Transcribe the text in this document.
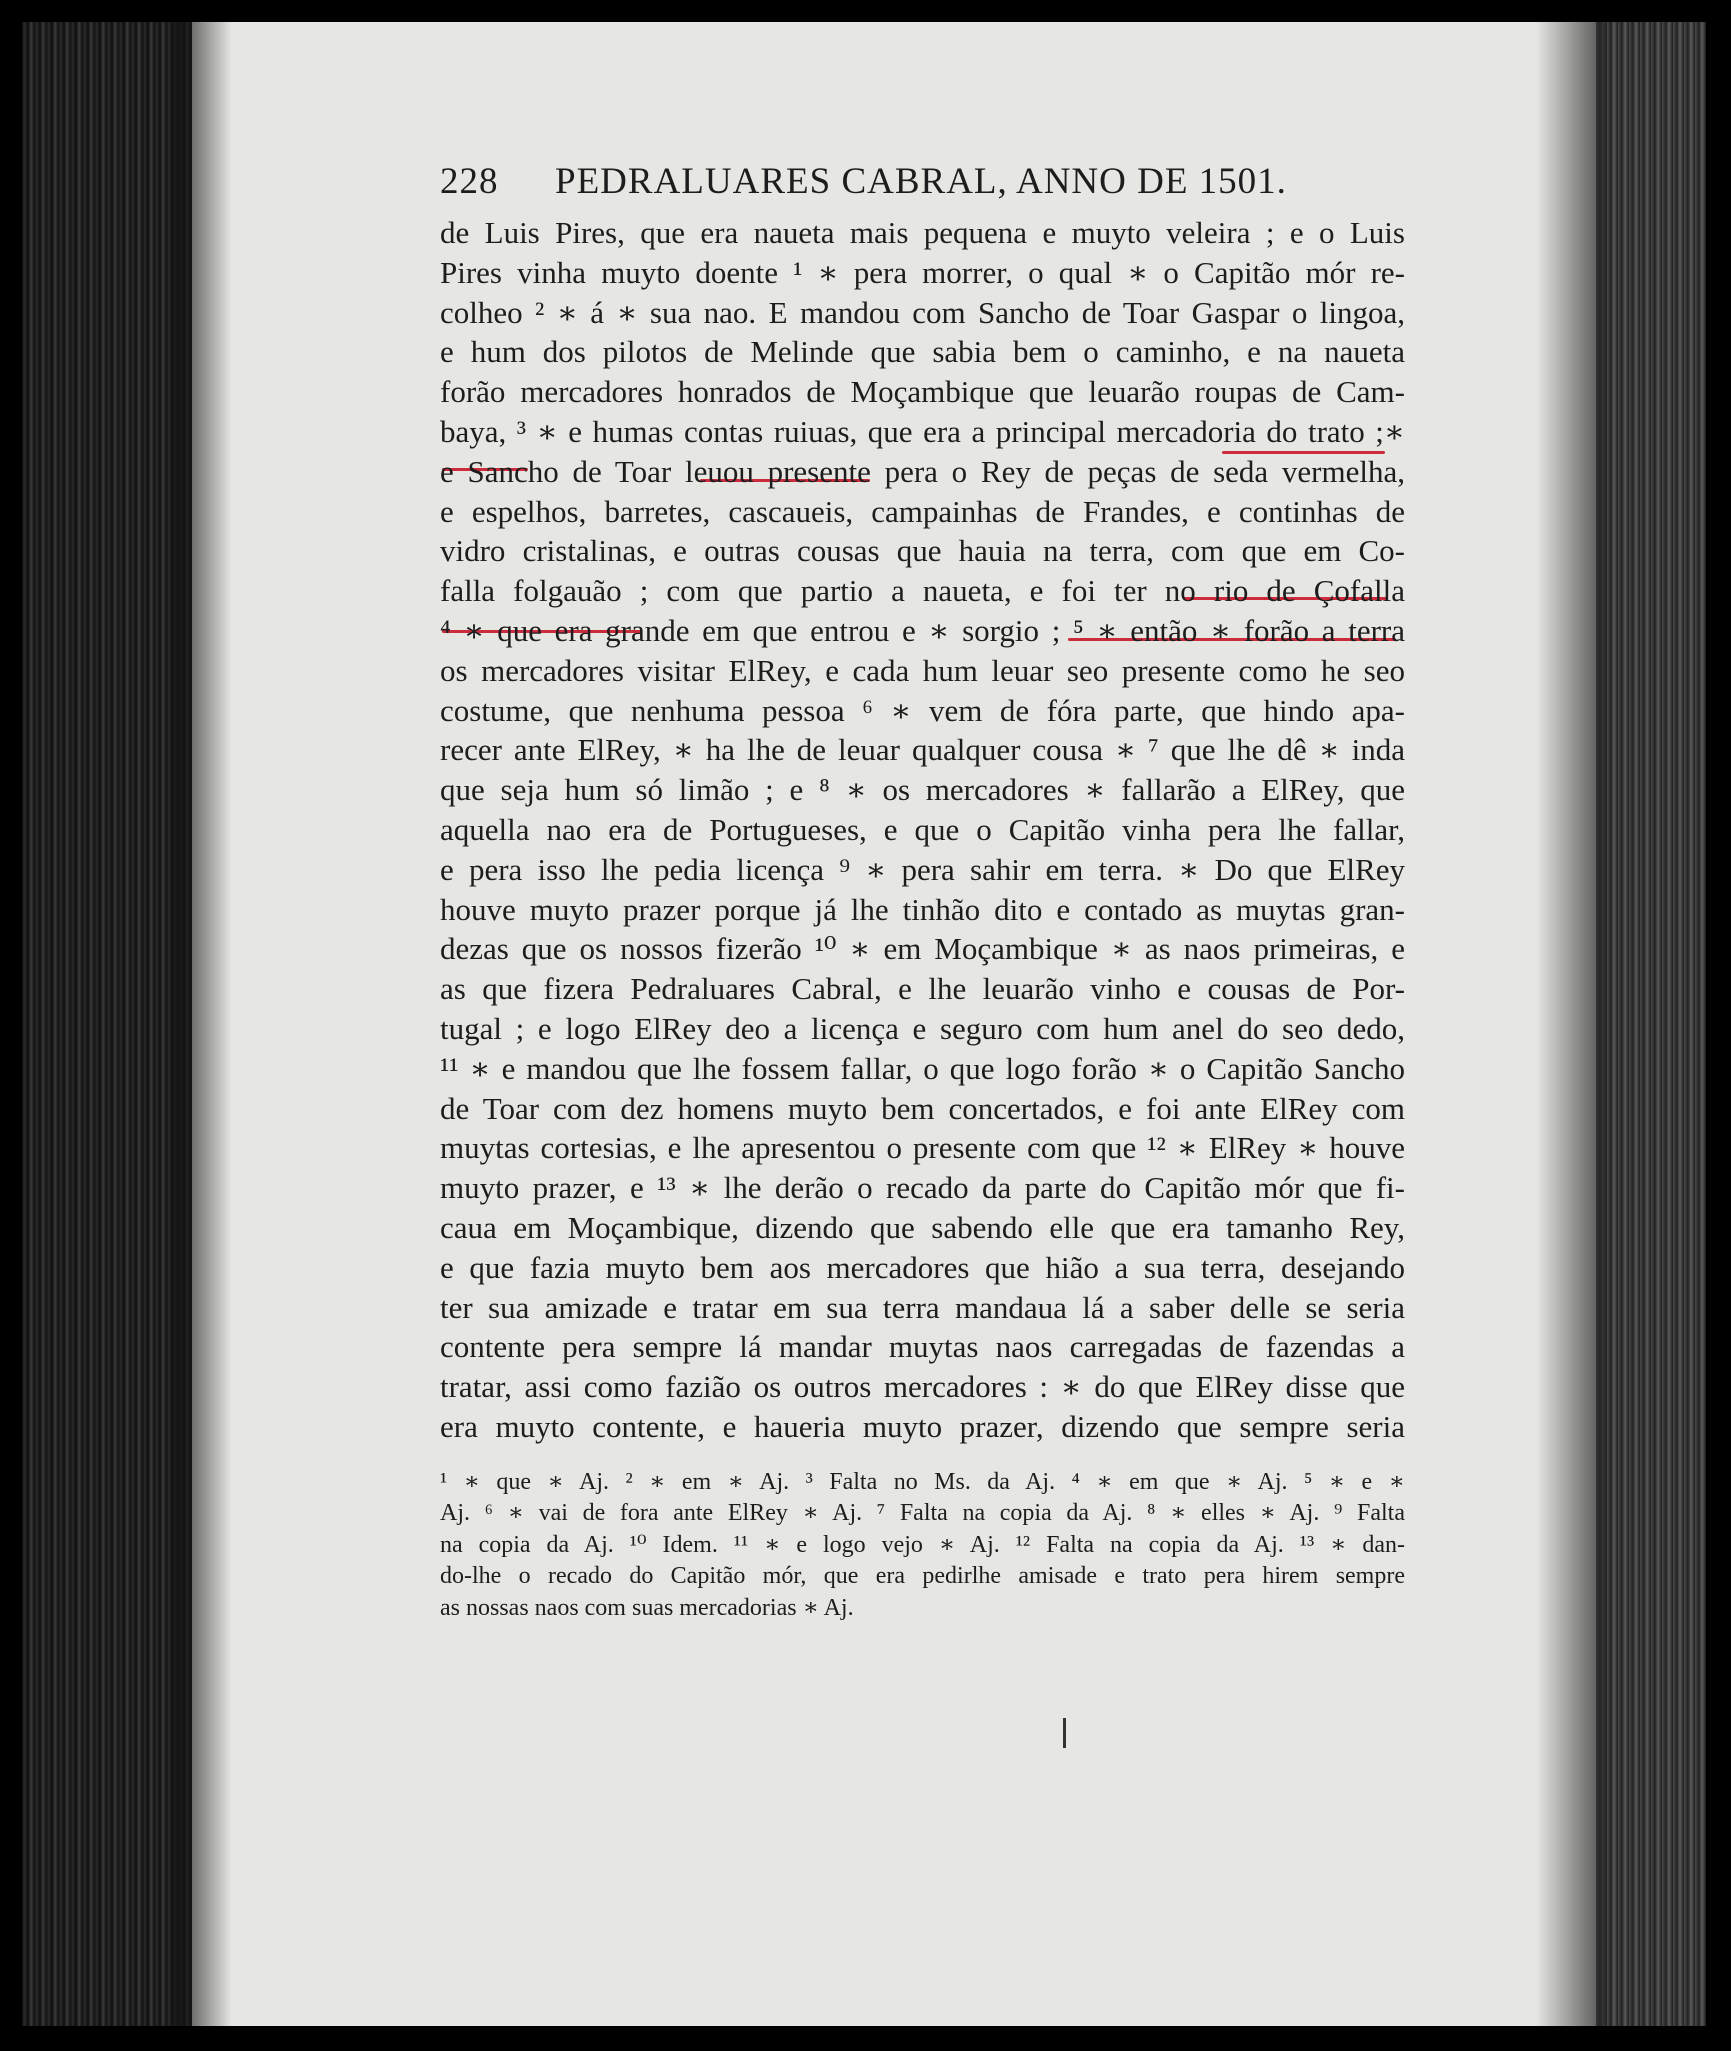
228	PEDRALUARES CABRAL, ANNO DE 1501.
de Luis Pires, que era naueta mais pequena e muyto veleira ; e o Luis
Pires vinha muyto doente ¹ ∗ pera morrer, o qual ∗ o Capitão mór re-
colheo ² ∗ á ∗ sua nao. E mandou com Sancho de Toar Gaspar o lingoa,
e hum dos pilotos de Melinde que sabia bem o caminho, e na naueta
forão mercadores honrados de Moçambique que leuarão roupas de Cam-
baya, ³ ∗ e humas contas ruiuas, que era a principal mercadoria do trato ;∗
e Sancho de Toar leuou presente pera o Rey de peças de seda vermelha,
e espelhos, barretes, cascaueis, campainhas de Frandes, e continhas de
vidro cristalinas, e outras cousas que hauia na terra, com que em Co-
falla folgauão ; com que partio a naueta, e foi ter no rio de Çofalla
⁴ ∗ que era grande em que entrou e ∗ sorgio ; ⁵ ∗ então ∗ forão a terra
os mercadores visitar ElRey, e cada hum leuar seo presente como he seo
costume, que nenhuma pessoa ⁶ ∗ vem de fóra parte, que hindo apa-
recer ante ElRey, ∗ ha lhe de leuar qualquer cousa ∗ ⁷ que lhe dê ∗ inda
que seja hum só limão ; e ⁸ ∗ os mercadores ∗ fallarão a ElRey, que
aquella nao era de Portugueses, e que o Capitão vinha pera lhe fallar,
e pera isso lhe pedia licença ⁹ ∗ pera sahir em terra. ∗ Do que ElRey
houve muyto prazer porque já lhe tinhão dito e contado as muytas gran-
dezas que os nossos fizerão ¹⁰ ∗ em Moçambique ∗ as naos primeiras, e
as que fizera Pedraluares Cabral, e lhe leuarão vinho e cousas de Por-
tugal ; e logo ElRey deo a licença e seguro com hum anel do seo dedo,
¹¹ ∗ e mandou que lhe fossem fallar, o que logo forão ∗ o Capitão Sancho
de Toar com dez homens muyto bem concertados, e foi ante ElRey com
muytas cortesias, e lhe apresentou o presente com que ¹² ∗ ElRey ∗ houve
muyto prazer, e ¹³ ∗ lhe derão o recado da parte do Capitão mór que fi-
caua em Moçambique, dizendo que sabendo elle que era tamanho Rey,
e que fazia muyto bem aos mercadores que hião a sua terra, desejando
ter sua amizade e tratar em sua terra mandaua lá a saber delle se seria
contente pera sempre lá mandar muytas naos carregadas de fazendas a
tratar, assi como fazião os outros mercadores : ∗ do que ElRey disse que
era muyto contente, e haueria muyto prazer, dizendo que sempre seria
¹ ∗ que ∗ Aj. ² ∗ em ∗ Aj. ³ Falta no Ms. da Aj. ⁴ ∗ em que ∗ Aj. ⁵ ∗ e ∗
Aj. ⁶ ∗ vai de fora ante ElRey ∗ Aj. ⁷ Falta na copia da Aj. ⁸ ∗ elles ∗ Aj. ⁹ Falta
na copia da Aj. ¹⁰ Idem. ¹¹ ∗ e logo vejo ∗ Aj. ¹² Falta na copia da Aj. ¹³ ∗ dan-
do-lhe o recado do Capitão mór, que era pedirlhe amisade e trato pera hirem sempre
as nossas naos com suas mercadorias ∗ Aj.
